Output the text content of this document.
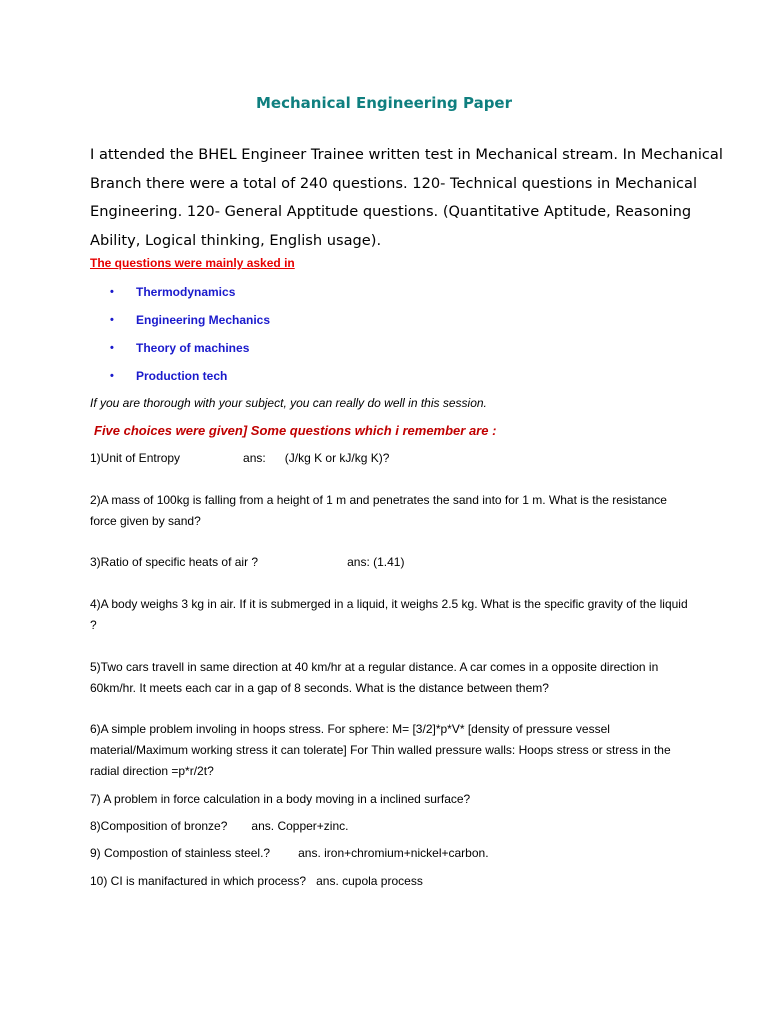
Mechanical Engineering Paper

I attended the BHEL Engineer Trainee written test in Mechanical stream. In Mechanical Branch there were a total of 240 questions. 120- Technical questions in Mechanical Engineering. 120- General Apptitude questions. (Quantitative Aptitude, Reasoning Ability, Logical thinking, English usage).

The questions were mainly asked in

• Thermodynamics
• Engineering Mechanics
• Theory of machines
• Production tech

If you are thorough with your subject, you can really do well in this session.

Five choices were given] Some questions which i remember are :

1)Unit of Entropy	ans: (J/kg K or kJ/kg K)?

2)A mass of 100kg is falling from a height of 1 m and penetrates the sand into for 1 m. What is the resistance force given by sand?

3)Ratio of specific heats of air ?	ans: (1.41)

4)A body weighs 3 kg in air. If it is submerged in a liquid, it weighs 2.5 kg. What is the specific gravity of the liquid ?

5)Two cars travell in same direction at 40 km/hr at a regular distance. A car comes in a opposite direction in 60km/hr. It meets each car in a gap of 8 seconds. What is the distance between them?

6)A simple problem involing in hoops stress. For sphere: M= [3/2]*p*V* [density of pressure vessel material/Maximum working stress it can tolerate] For Thin walled pressure walls: Hoops stress or stress in the radial direction =p*r/2t?

7) A problem in force calculation in a body moving in a inclined surface?

8)Composition of bronze? ans. Copper+zinc.

9) Compostion of stainless steel.? ans. iron+chromium+nickel+carbon.

10) CI is manifactured in which process? ans. cupola process
